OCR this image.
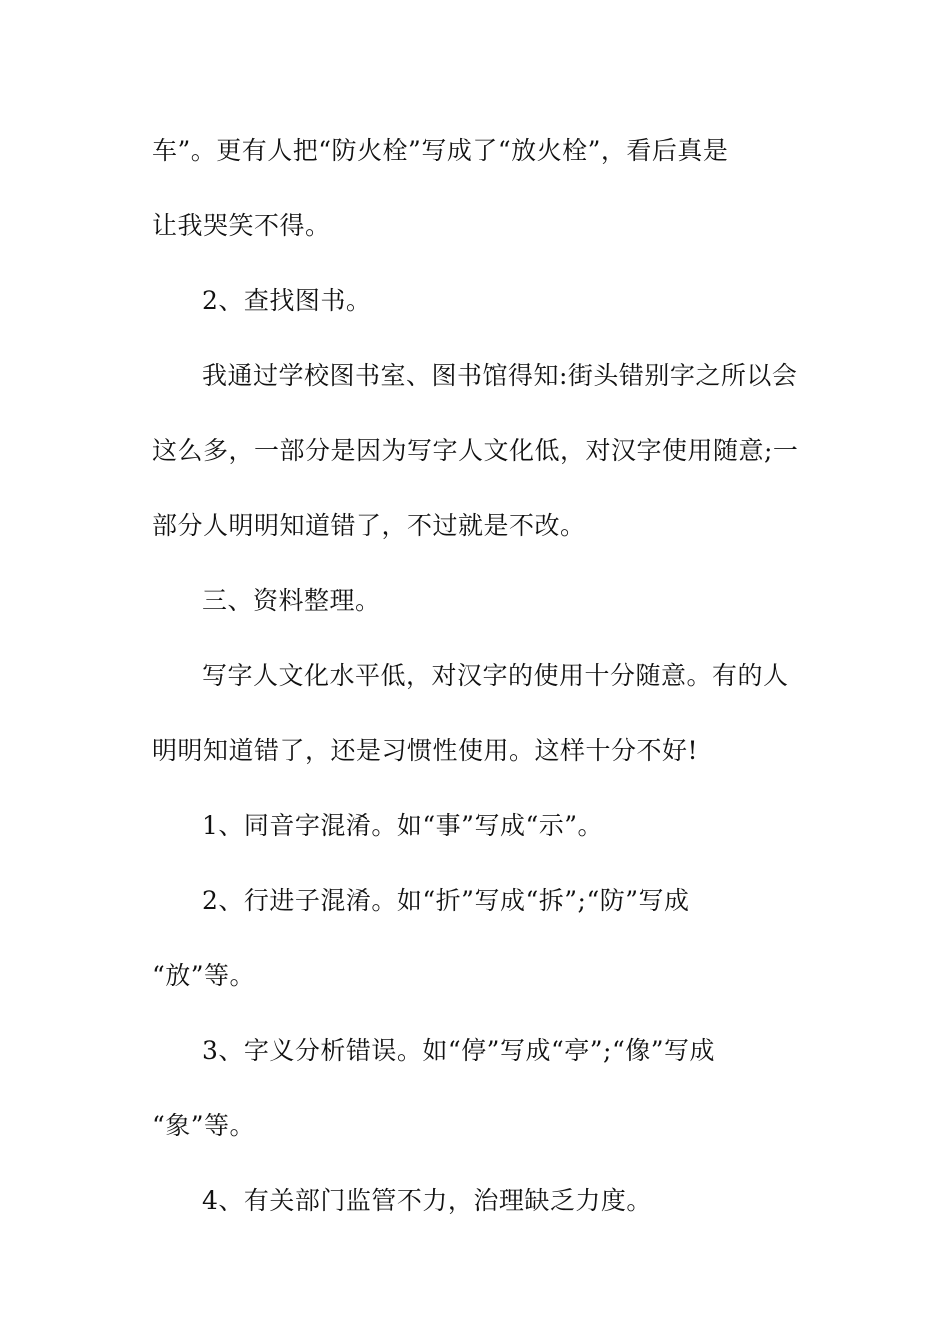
车”。更有人把“防火栓”写成了“放火栓”，看后真是
让我哭笑不得。
2、查找图书。
我通过学校图书室、图书馆得知:街头错别字之所以会
这么多，一部分是因为写字人文化低，对汉字使用随意;一
部分人明明知道错了，不过就是不改。
三、资料整理。
写字人文化水平低，对汉字的使用十分随意。有的人
明明知道错了，还是习惯性使用。这样十分不好!
1、同音字混淆。如“事”写成“示”。
2、行进子混淆。如“折”写成“拆”;“防”写成
“放”等。
3、字义分析错误。如“停”写成“亭”;“像”写成
“象”等。
4、有关部门监管不力，治理缺乏力度。
